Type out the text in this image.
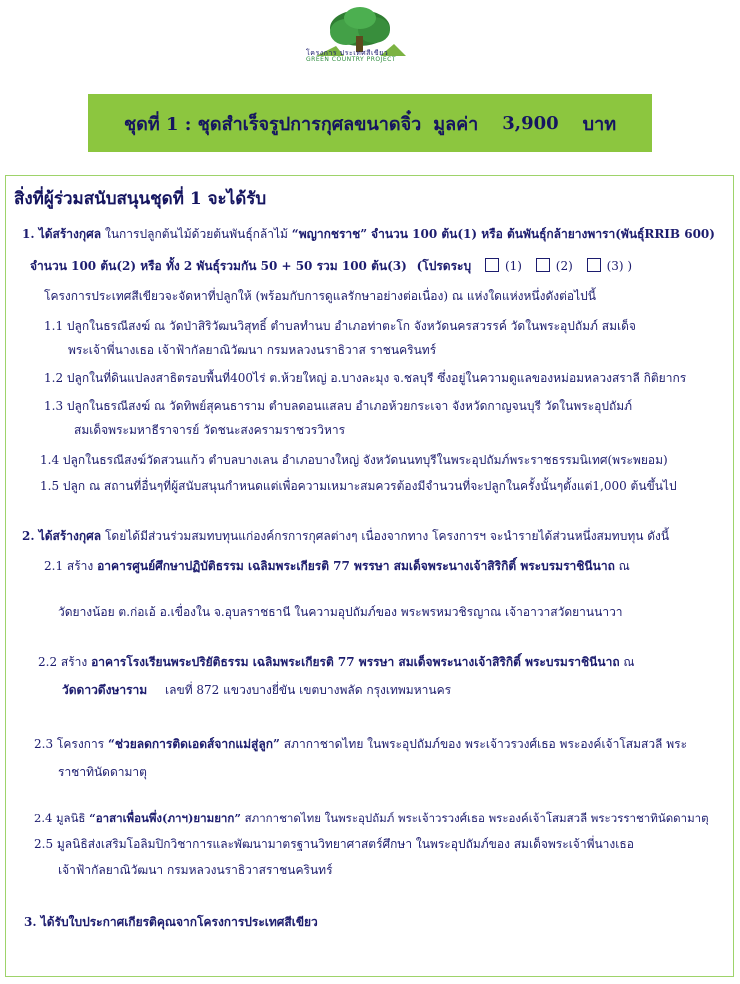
โครงการ ประเทศสีเขียว
GREEN COUNTRY PROJECT
ชุดที่ 1 : ชุดสำเร็จรูปการกุศลขนาดจิ๋ว มูลค่า 3,900 บาท
สิ่งที่ผู้ร่วมสนับสนุนชุดที่ 1 จะได้รับ
1. ได้สร้างกุศล ในการปลูกต้นไม้ด้วยต้นพันธุ์กล้าไม้ “พญากชราช” จำนวน 100 ต้น(1) หรือ ต้นพันธุ์กล้ายางพารา(พันธุ์RRIB 600)
จำนวน 100 ต้น(2) หรือ ทั้ง 2 พันธุ์รวมกัน 50 + 50 รวม 100 ต้น(3) (โปรดระบุ	(1)	(2)	(3) )
โครงการประเทศสีเขียวจะจัดหาที่ปลูกให้ (พร้อมกับการดูแลรักษาอย่างต่อเนื่อง) ณ แห่งใดแห่งหนึ่งดังต่อไปนี้
1.1 ปลูกในธรณีสงฆ์ ณ วัดป่าสิริวัฒนวิสุทธิ์ ตำบลทำนบ อำเภอท่าตะโก จังหวัดนครสวรรค์ วัดในพระอุปถัมภ์ สมเด็จ
พระเจ้าพี่นางเธอ เจ้าฟ้ากัลยาณิวัฒนา กรมหลวงนราธิวาส ราชนครินทร์
1.2 ปลูกในที่ดินแปลงสาธิตรอบพื้นที่400ไร่ ต.ห้วยใหญ่ อ.บางละมุง จ.ชลบุรี ซึ่งอยู่ในความดูแลของหม่อมหลวงสราลี กิติยากร
1.3 ปลูกในธรณีสงฆ์ ณ วัดทิพย์สุคนธาราม ตำบลดอนแสลบ อำเภอห้วยกระเจา จังหวัดกาญจนบุรี วัดในพระอุปถัมภ์
สมเด็จพระมหาธีราจารย์ วัดชนะสงครามราชวรวิหาร
1.4 ปลูกในธรณีสงฆ์วัดสวนแก้ว ตำบลบางเลน อำเภอบางใหญ่ จังหวัดนนทบุรีในพระอุปถัมภ์พระราชธรรมนิเทศ(พระพยอม)
1.5 ปลูก ณ สถานที่อื่นๆที่ผู้สนับสนุนกำหนดแต่เพื่อความเหมาะสมควรต้องมีจำนวนที่จะปลูกในครั้งนั้นๆตั้งแต่1,000 ต้นขึ้นไป
2. ได้สร้างกุศล โดยได้มีส่วนร่วมสมทบทุนแก่องค์กรการกุศลต่างๆ เนื่องจากทาง โครงการฯ จะนำรายได้ส่วนหนึ่งสมทบทุน ดังนี้
2.1 สร้าง อาคารศูนย์ศึกษาปฏิบัติธรรม เฉลิมพระเกียรติ 77 พรรษา สมเด็จพระนางเจ้าสิริกิติ์ พระบรมราชินีนาถ ณ
วัดยางน้อย ต.ก่อเอ้ อ.เขื่องใน จ.อุบลราชธานี ในความอุปถัมภ์ของ พระพรหมวชิรญาณ เจ้าอาวาสวัดยานนาวา
2.2 สร้าง อาคารโรงเรียนพระปริยัติธรรม เฉลิมพระเกียรติ 77 พรรษา สมเด็จพระนางเจ้าสิริกิติ์ พระบรมราชินีนาถ ณ
วัดดาวดึงษาราม เลขที่ 872 แขวงบางยี่ขัน เขตบางพลัด กรุงเทพมหานคร
2.3 โครงการ “ช่วยลดการติดเอดส์จากแม่สู่ลูก” สภากาชาดไทย ในพระอุปถัมภ์ของ พระเจ้าวรวงศ์เธอ พระองค์เจ้าโสมสวลี พระ
ราชาทินัดดามาตุ
2.4 มูลนิธิ “อาสาเพื่อนพึ่ง(ภาฯ)ยามยาก” สภากาชาดไทย ในพระอุปถัมภ์ พระเจ้าวรวงศ์เธอ พระองค์เจ้าโสมสวลี พระวรราชาทินัดดามาตุ
2.5 มูลนิธิส่งเสริมโอลิมปิกวิชาการและพัฒนามาตรฐานวิทยาศาสตร์ศึกษา ในพระอุปถัมภ์ของ สมเด็จพระเจ้าพี่นางเธอ
เจ้าฟ้ากัลยาณิวัฒนา กรมหลวงนราธิวาสราชนครินทร์
3. ได้รับใบประกาศเกียรติคุณจากโครงการประเทศสีเขียว
